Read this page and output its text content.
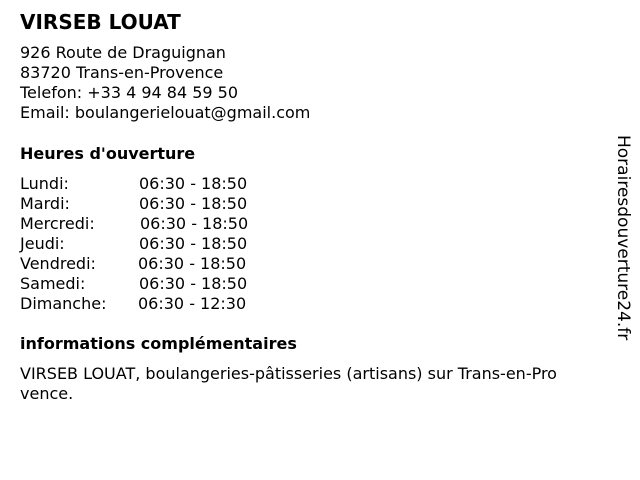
VIRSEB LOUAT
926 Route de Draguignan
83720 Trans-en-Provence
Telefon: +33 4 94 84 59 50
Email: boulangerielouat@gmail.com
Heures d'ouverture
Lundi:	06:30 - 18:50
Mardi:	06:30 - 18:50
Mercredi:	06:30 - 18:50
Jeudi:	06:30 - 18:50
Vendredi:	06:30 - 18:50
Samedi:	06:30 - 18:50
Dimanche: 06:30 - 12:30
informations complémentaires
VIRSEB LOUAT, boulangeries-pâtisseries (artisans) sur Trans-en-Pro
vence.
Horairesdouverture24.fr
